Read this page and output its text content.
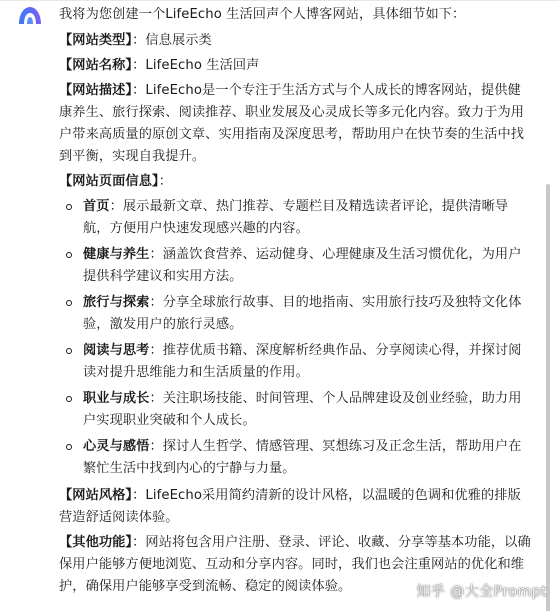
我将为您创建一个LifeEcho 生活回声个人博客网站，具体细节如下：
【网站类型】：信息展示类
【网站名称】：LifeEcho 生活回声
【网站描述】：LifeEcho是一个专注于生活方式与个人成长的博客网站，提供健康养生、旅行探索、阅读推荐、职业发展及心灵成长等多元化内容。致力于为用户带来高质量的原创文章、实用指南及深度思考，帮助用户在快节奏的生活中找到平衡，实现自我提升。
【网站页面信息】：
首页：展示最新文章、热门推荐、专题栏目及精选读者评论，提供清晰导航，方便用户快速发现感兴趣的内容。
健康与养生：涵盖饮食营养、运动健身、心理健康及生活习惯优化，为用户提供科学建议和实用方法。
旅行与探索：分享全球旅行故事、目的地指南、实用旅行技巧及独特文化体验，激发用户的旅行灵感。
阅读与思考：推荐优质书籍、深度解析经典作品、分享阅读心得，并探讨阅读对提升思维能力和生活质量的作用。
职业与成长：关注职场技能、时间管理、个人品牌建设及创业经验，助力用户实现职业突破和个人成长。
心灵与感悟：探讨人生哲学、情感管理、冥想练习及正念生活，帮助用户在繁忙生活中找到内心的宁静与力量。
【网站风格】：LifeEcho采用简约清新的设计风格，以温暖的色调和优雅的排版营造舒适阅读体验。
【其他功能】：网站将包含用户注册、登录、评论、收藏、分享等基本功能，以确保用户能够方便地浏览、互动和分享内容。同时，我们也会注重网站的优化和维护，确保用户能够享受到流畅、稳定的阅读体验。	知乎 @大全Prompt
